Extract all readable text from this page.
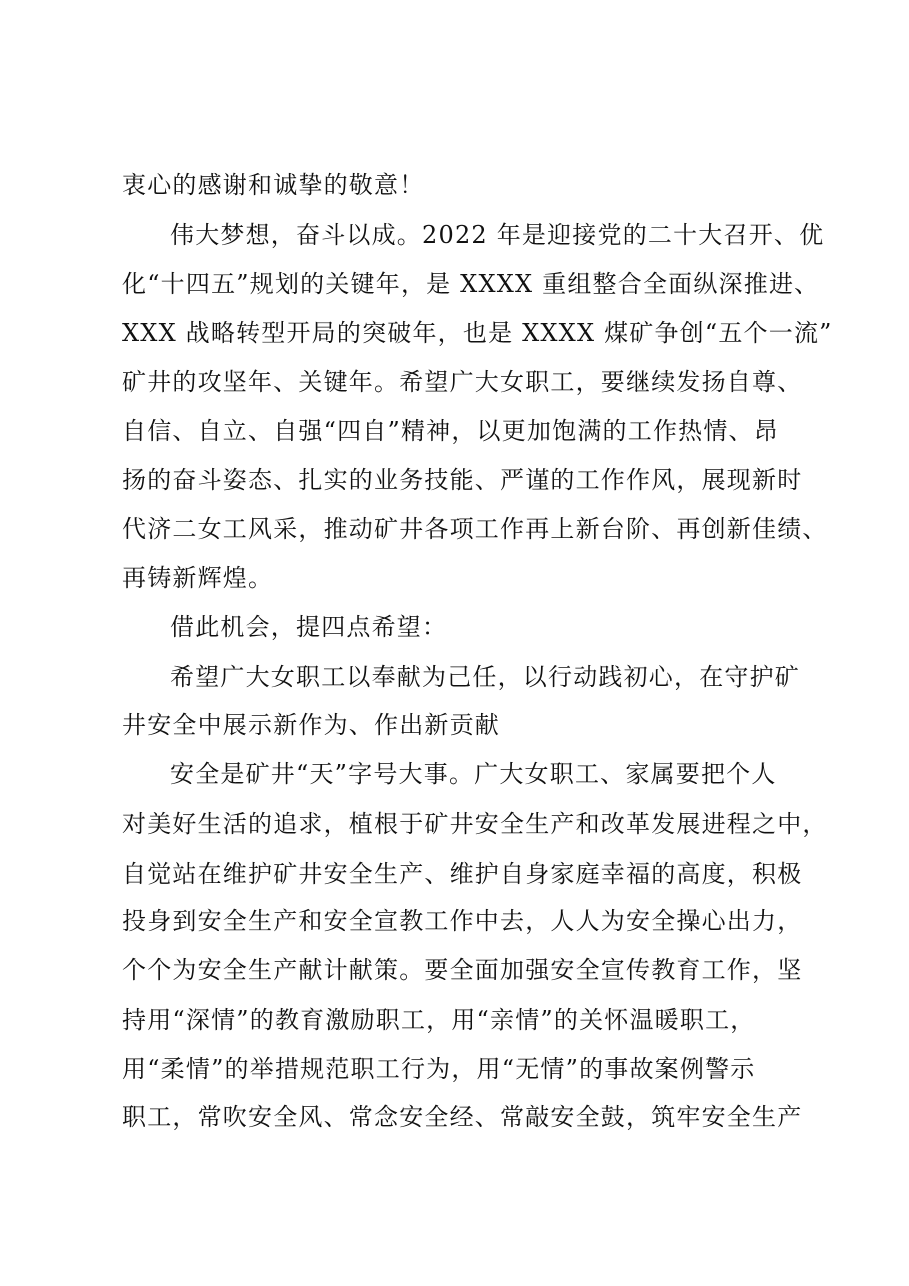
衷心的感谢和诚挚的敬意！
伟大梦想，奋斗以成。2022 年是迎接党的二十大召开、优
化“十四五”规划的关键年，是 XXXX 重组整合全面纵深推进、
XXX 战略转型开局的突破年，也是 XXXX 煤矿争创“五个一流”
矿井的攻坚年、关键年。希望广大女职工，要继续发扬自尊、
自信、自立、自强“四自”精神，以更加饱满的工作热情、昂
扬的奋斗姿态、扎实的业务技能、严谨的工作作风，展现新时
代济二女工风采，推动矿井各项工作再上新台阶、再创新佳绩、
再铸新辉煌。
借此机会，提四点希望：
希望广大女职工以奉献为己任，以行动践初心，在守护矿
井安全中展示新作为、作出新贡献
安全是矿井“天”字号大事。广大女职工、家属要把个人
对美好生活的追求，植根于矿井安全生产和改革发展进程之中，
自觉站在维护矿井安全生产、维护自身家庭幸福的高度，积极
投身到安全生产和安全宣教工作中去，人人为安全操心出力，
个个为安全生产献计献策。要全面加强安全宣传教育工作，坚
持用“深情”的教育激励职工，用“亲情”的关怀温暖职工，
用“柔情”的举措规范职工行为，用“无情”的事故案例警示
职工，常吹安全风、常念安全经、常敲安全鼓，筑牢安全生产
